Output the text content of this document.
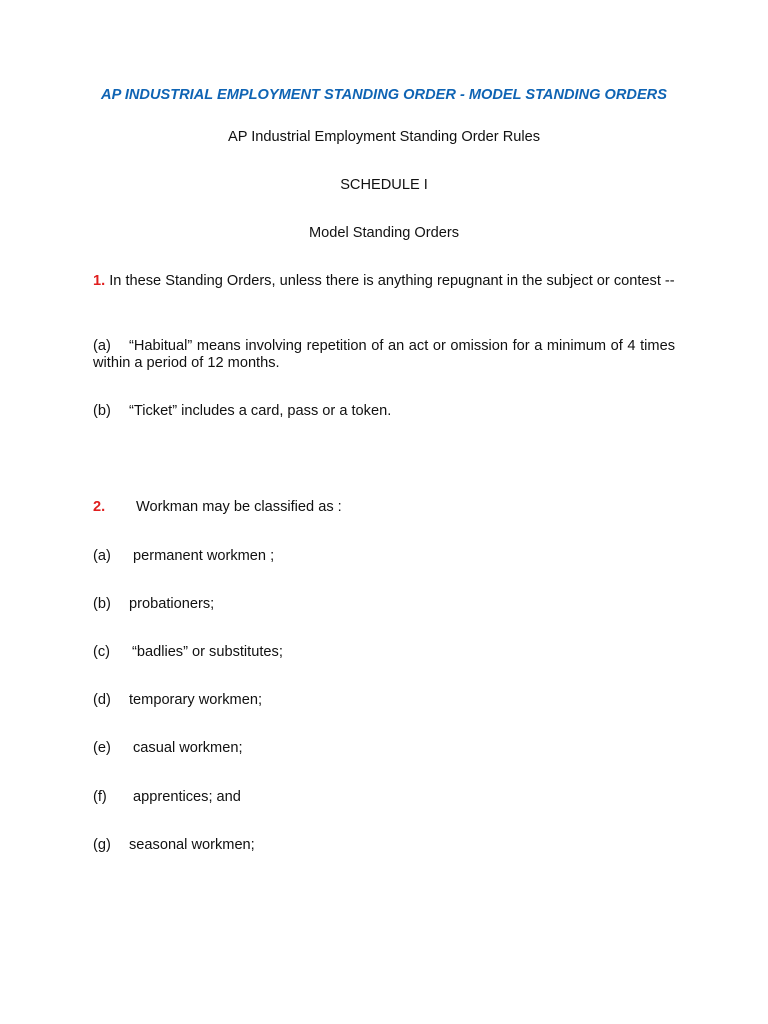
AP INDUSTRIAL EMPLOYMENT STANDING ORDER - MODEL STANDING ORDERS
AP Industrial Employment Standing Order Rules
SCHEDULE I
Model Standing Orders
1. In these Standing Orders, unless there is anything repugnant in the subject or contest --
(a) “Habitual” means involving repetition of an act or omission for a minimum of 4 times within a period of 12 months.
(b) “Ticket” includes a card, pass or a token.
2. Workman may be classified as :
(a) permanent workmen ;
(b) probationers;
(c) “badlies” or substitutes;
(d) temporary workmen;
(e) casual workmen;
(f) apprentices; and
(g) seasonal workmen;
